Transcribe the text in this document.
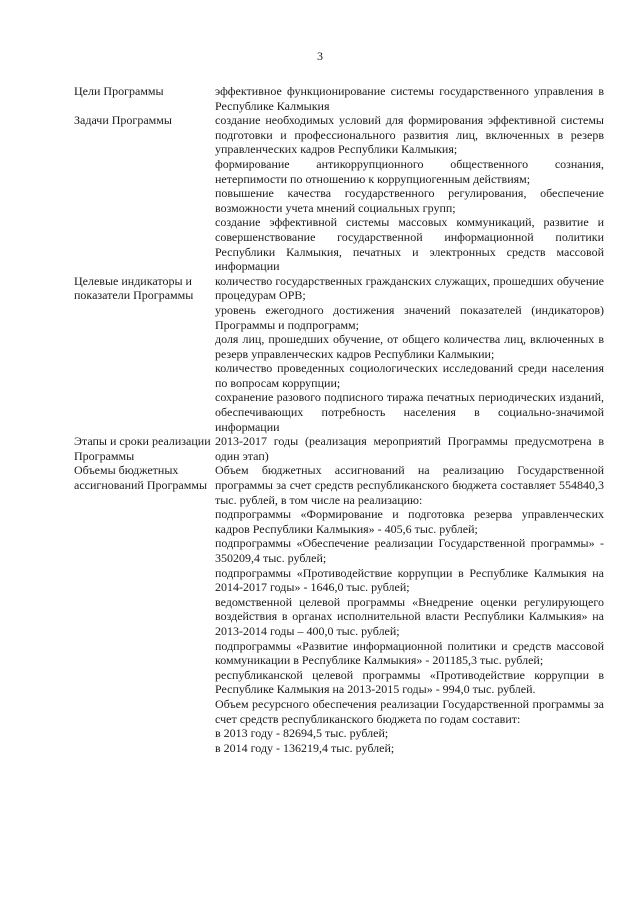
3
Цели Программы	эффективное функционирование системы государственного управления в Республике Калмыкия

Задачи Программы	создание необходимых условий для формирования эффективной системы подготовки и профессионального развития лиц, включенных в резерв управленческих кадров Республики Калмыкия;

формирование антикоррупционного общественного сознания, нетерпимости по отношению к коррупциогенным действиям;

повышение качества государственного регулирования, обеспечение возможности учета мнений социальных групп;

создание эффективной системы массовых коммуникаций, развитие и совершенствование государственной информационной политики Республики Калмыкия, печатных и электронных средств массовой информации

Целевые индикаторы и показатели Программы

количество государственных гражданских служащих, прошедших обучение процедурам ОРВ;

уровень ежегодного достижения значений показателей (индикаторов) Программы и подпрограмм;

доля лиц, прошедших обучение, от общего количества лиц, включенных в резерв управленческих кадров Республики Калмыкии;

количество проведенных социологических исследований среди населения по вопросам коррупции;

сохранение разового подписного тиража печатных периодических изданий, обеспечивающих потребность населения в социально-значимой информации

Этапы и сроки реализации Программы

2013-2017 годы (реализация мероприятий Программы предусмотрена в один этап)

Объемы бюджетных ассигнований Программы

Объем бюджетных ассигнований на реализацию Государственной программы за счет средств республиканского бюджета составляет 554840,3 тыс. рублей, в том числе на реализацию:

подпрограммы «Формирование и подготовка резерва управленческих кадров Республики Калмыкия» - 405,6 тыс. рублей;

подпрограммы «Обеспечение реализации Государственной программы» - 350209,4 тыс. рублей;

подпрограммы «Противодействие коррупции в Республике Калмыкия на 2014-2017 годы» - 1646,0 тыс. рублей;

ведомственной целевой программы «Внедрение оценки регулирующего воздействия в органах исполнительной власти Республики Калмыкия» на 2013-2014 годы – 400,0 тыс. рублей;

подпрограммы «Развитие информационной политики и средств массовой коммуникации в Республике Калмыкия» - 201185,3 тыс. рублей;

республиканской целевой программы «Противодействие коррупции в Республике Калмыкия на 2013-2015 годы» - 994,0 тыс. рублей.

Объем ресурсного обеспечения реализации Государственной программы за счет средств республиканского бюджета по годам составит:

в 2013 году - 82694,5 тыс. рублей;

в 2014 году - 136219,4 тыс. рублей;
